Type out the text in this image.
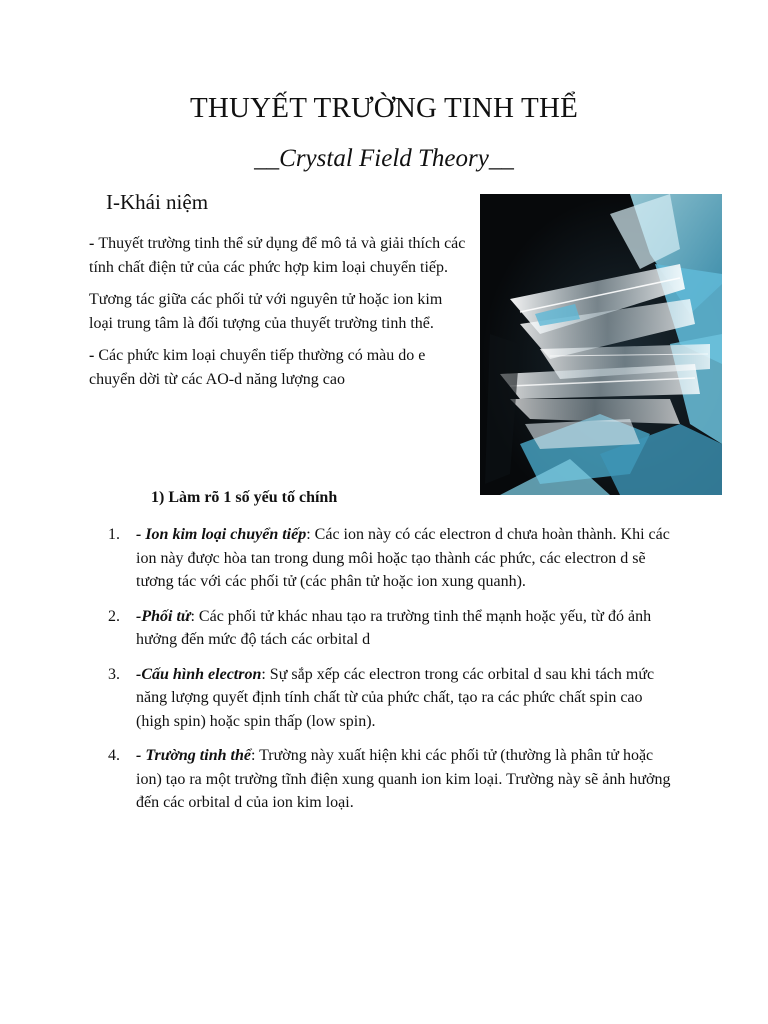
THUYẾT TRƯỜNG TINH THỂ
__Crystal Field Theory__
I-Khái niệm

- Thuyết trường tinh thể sử dụng để mô tả và giải thích các tính chất điện tử của các phức hợp kim loại chuyển tiếp.

Tương tác giữa các phối tử với nguyên tử hoặc ion kim loại trung tâm là đối tượng của thuyết trường tinh thể.

- Các phức kim loại chuyển tiếp thường có màu do e chuyển dời từ các AO-d năng lượng cao

1) Làm rõ 1 số yếu tố chính
1. - Ion kim loại chuyển tiếp: Các ion này có các electron d chưa hoàn thành. Khi các ion này được hòa tan trong dung môi hoặc tạo thành các phức, các electron d sẽ tương tác với các phối tử (các phân tử hoặc ion xung quanh).
2. -Phối tử: Các phối tử khác nhau tạo ra trường tinh thể mạnh hoặc yếu, từ đó ảnh hưởng đến mức độ tách các orbital d
3. -Cấu hình electron: Sự sắp xếp các electron trong các orbital d sau khi tách mức năng lượng quyết định tính chất từ của phức chất, tạo ra các phức chất spin cao (high spin) hoặc spin thấp (low spin).
4. - Trường tinh thể: Trường này xuất hiện khi các phối tử (thường là phân tử hoặc ion) tạo ra một trường tĩnh điện xung quanh ion kim loại. Trường này sẽ ảnh hưởng đến các orbital d của ion kim loại.
